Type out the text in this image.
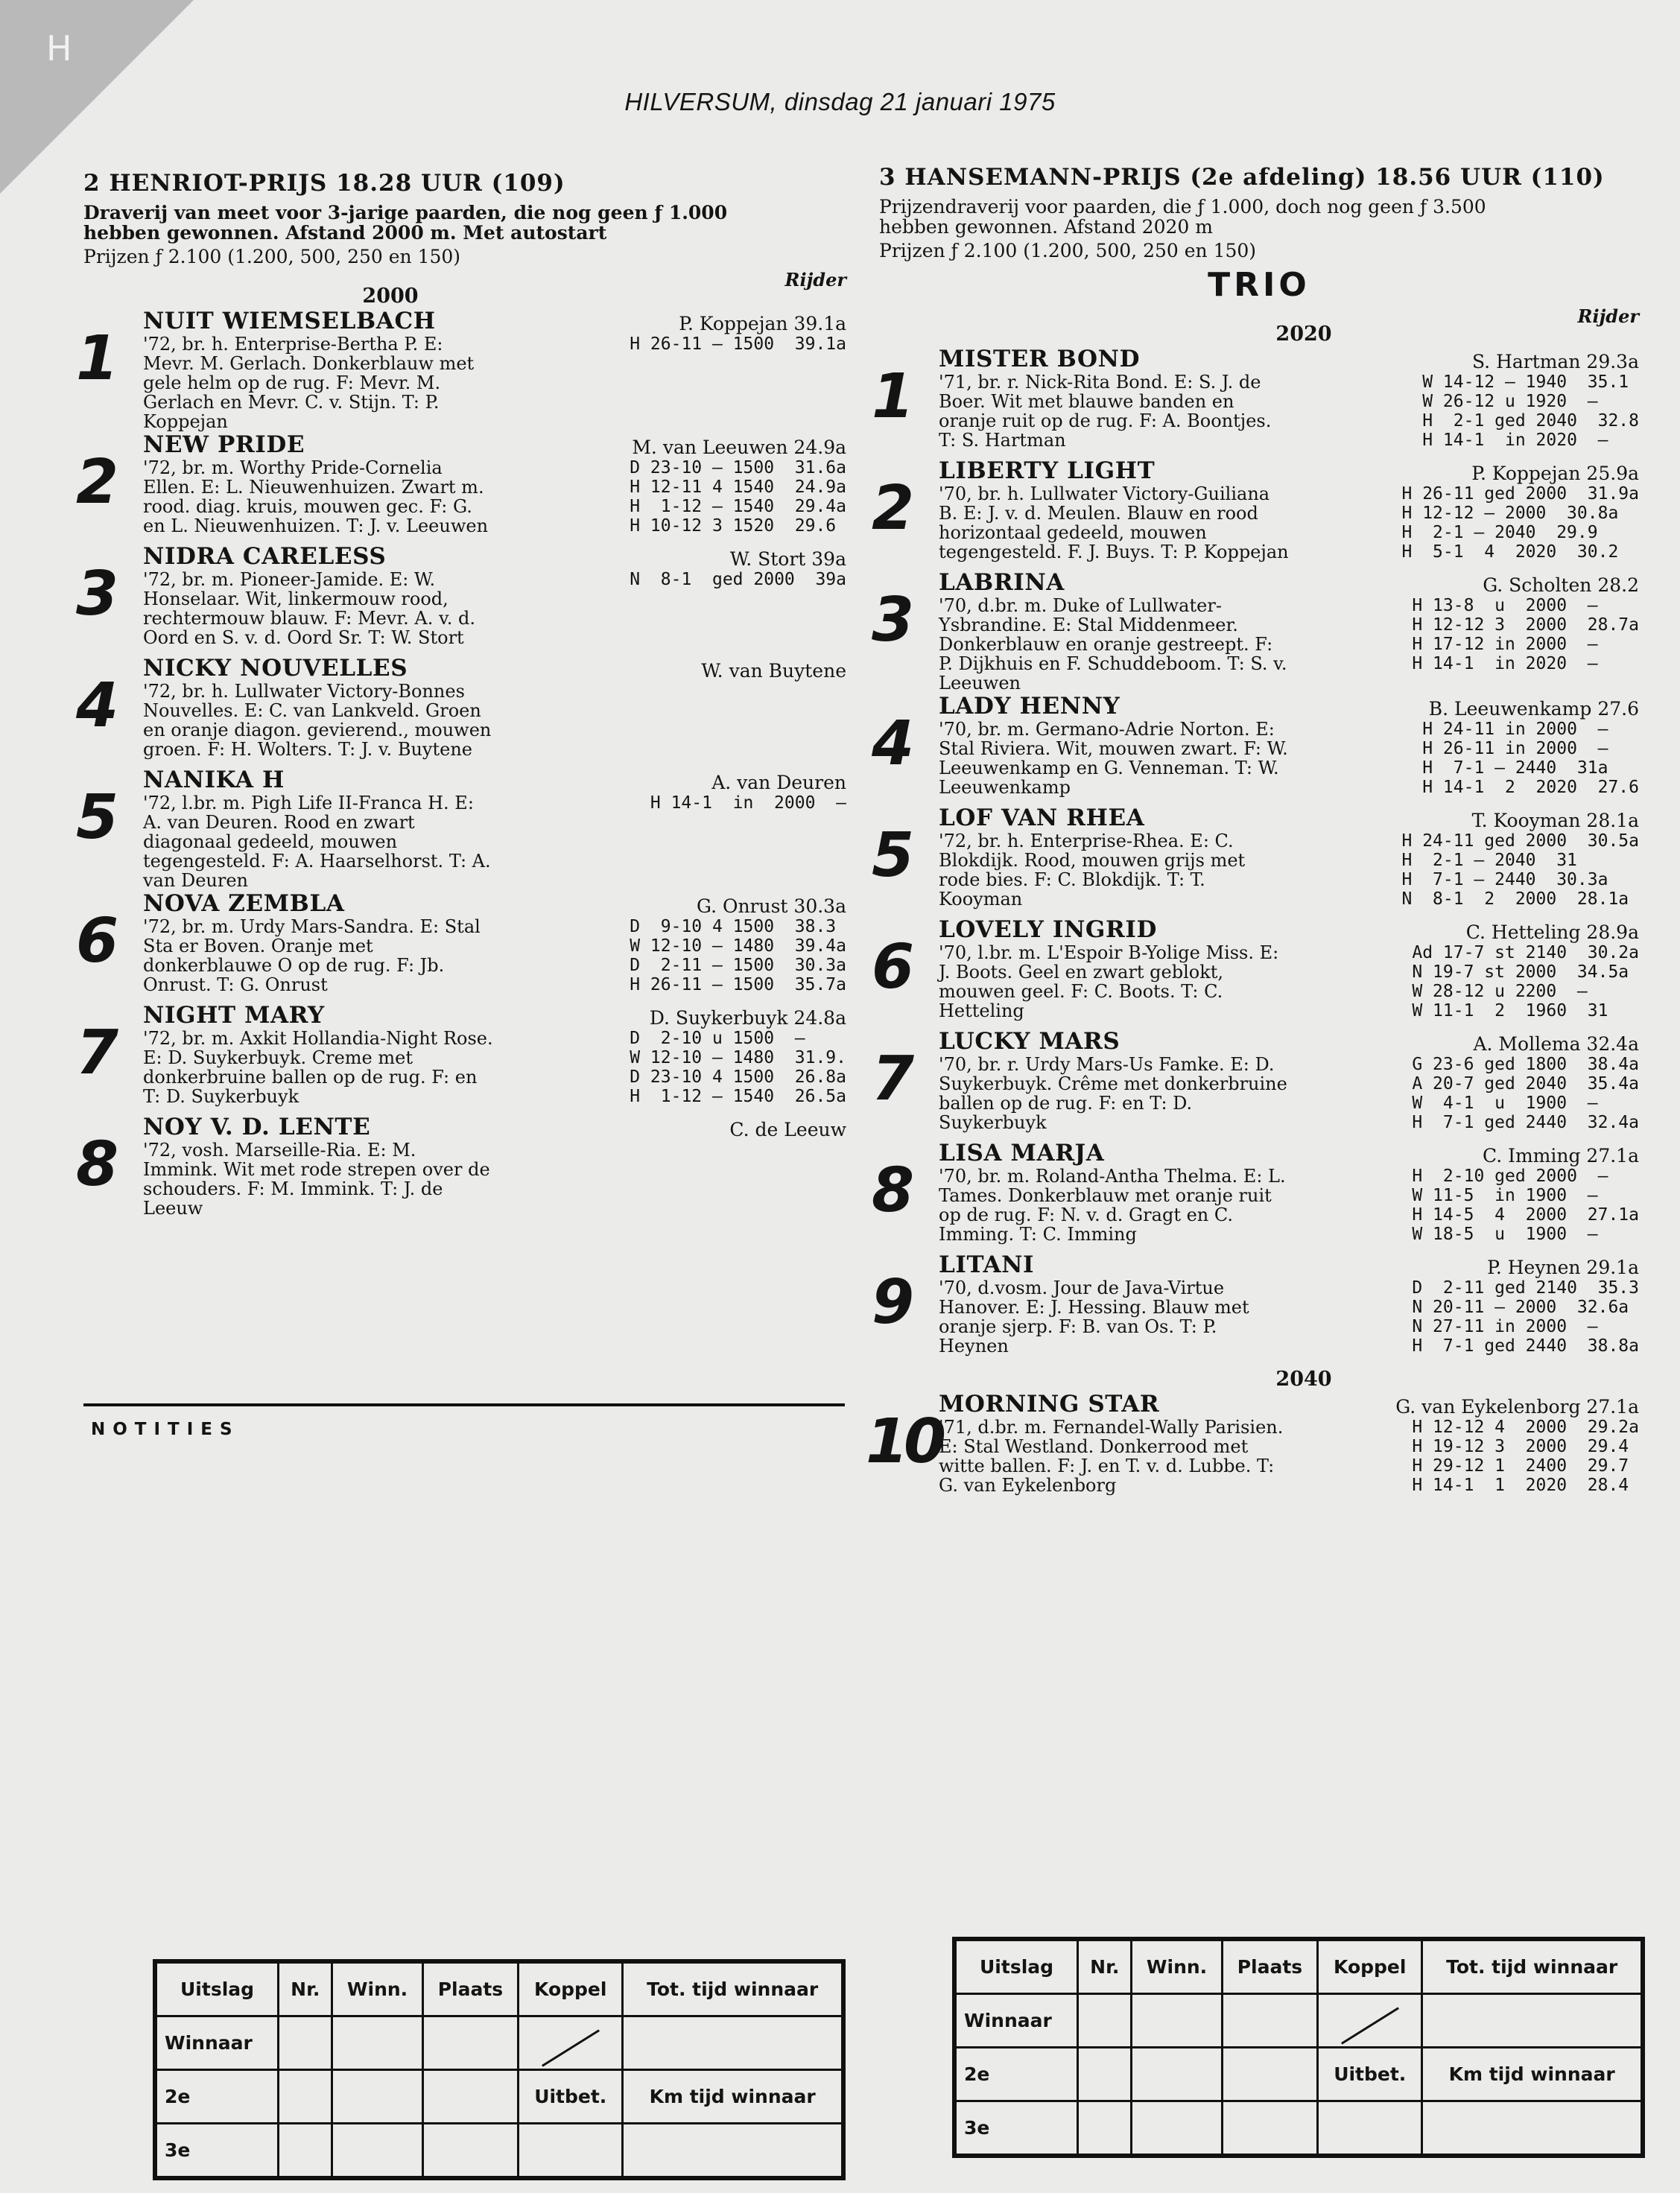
H
HILVERSUM, dinsdag 21 januari 1975
2 HENRIOT-PRIJS 18.28 UUR (109)
Draverij van meet voor 3-jarige paarden, die nog geen ƒ 1.000
hebben gewonnen. Afstand 2000 m. Met autostart
Prijzen ƒ 2.100 (1.200, 500, 250 en 150)
Rijder
2000
1
NUIT WIEMSELBACH	P. Koppejan 39.1a
'72, br. h. Enterprise-Bertha P. E: Mevr. M. Gerlach. Donkerblauw met gele helm op de rug. F: Mevr. M. Gerlach en Mevr. C. v. Stijn. T: P. Koppejan
H 26-11 — 1500  39.1a
2
NEW PRIDE	M. van Leeuwen 24.9a
'72, br. m. Worthy Pride-Cornelia Ellen. E: L. Nieuwenhuizen. Zwart m. rood. diag. kruis, mouwen gec. F: G. en L. Nieuwenhuizen. T: J. v. Leeuwen
D 23-10 — 1500  31.6a
H 12-11 4 1540  24.9a
H  1-12 — 1540  29.4a
H 10-12 3 1520  29.6
3
NIDRA CARELESS	W. Stort 39a
'72, br. m. Pioneer-Jamide. E: W. Honselaar. Wit, linkermouw rood, rechtermouw blauw. F: Mevr. A. v. d. Oord en S. v. d. Oord Sr. T: W. Stort
N  8-1  ged 2000  39a
4
NICKY NOUVELLES	W. van Buytene
'72, br. h. Lullwater Victory-Bonnes Nouvelles. E: C. van Lankveld. Groen en oranje diagon. gevierend., mouwen groen. F: H. Wolters. T: J. v. Buytene
5
NANIKA H	A. van Deuren
'72, l.br. m. Pigh Life II-Franca H. E: A. van Deuren. Rood en zwart diagonaal gedeeld, mouwen tegengesteld. F: A. Haarselhorst. T: A. van Deuren
H 14-1  in  2000  —
6
NOVA ZEMBLA	G. Onrust 30.3a
'72, br. m. Urdy Mars-Sandra. E: Stal Sta er Boven. Oranje met donkerblauwe O op de rug. F: Jb. Onrust. T: G. Onrust
D  9-10 4 1500  38.3
W 12-10 — 1480  39.4a
D  2-11 — 1500  30.3a
H 26-11 — 1500  35.7a
7
NIGHT MARY	D. Suykerbuyk 24.8a
'72, br. m. Axkit Hollandia-Night Rose. E: D. Suykerbuyk. Creme met donkerbruine ballen op de rug. F: en T: D. Suykerbuyk
D  2-10 u 1500  —
W 12-10 — 1480  31.9.
D 23-10 4 1500  26.8a
H  1-12 — 1540  26.5a
8
NOY V. D. LENTE	C. de Leeuw
'72, vosh. Marseille-Ria. E: M. Immink. Wit met rode strepen over de schouders. F: M. Immink. T: J. de Leeuw
NOTITIES
3 HANSEMANN-PRIJS (2e afdeling) 18.56 UUR (110)
Prijzendraverij voor paarden, die ƒ 1.000, doch nog geen ƒ 3.500
hebben gewonnen. Afstand 2020 m
Prijzen ƒ 2.100 (1.200, 500, 250 en 150)
TRIO
Rijder
2020
1
MISTER BOND	S. Hartman 29.3a
'71, br. r. Nick-Rita Bond. E: S. J. de Boer. Wit met blauwe banden en oranje ruit op de rug. F: A. Boontjes. T: S. Hartman
W 14-12 — 1940  35.1
W 26-12 u 1920  —
H  2-1 ged 2040  32.8
H 14-1  in 2020  —
2
LIBERTY LIGHT	P. Koppejan 25.9a
'70, br. h. Lullwater Victory-Guiliana B. E: J. v. d. Meulen. Blauw en rood horizontaal gedeeld, mouwen tegengesteld. F. J. Buys. T: P. Koppejan
H 26-11 ged 2000  31.9a
H 12-12 — 2000  30.8a
H  2-1 — 2040  29.9
H  5-1  4  2020  30.2
3
LABRINA	G. Scholten 28.2
'70, d.br. m. Duke of Lullwater-Ysbrandine. E: Stal Middenmeer. Donkerblauw en oranje gestreept. F: P. Dijkhuis en F. Schuddeboom. T: S. v. Leeuwen
H 13-8  u  2000  —
H 12-12 3  2000  28.7a
H 17-12 in 2000  —
H 14-1  in 2020  —
4
LADY HENNY	B. Leeuwenkamp 27.6
'70, br. m. Germano-Adrie Norton. E: Stal Riviera. Wit, mouwen zwart. F: W. Leeuwenkamp en G. Venneman. T: W. Leeuwenkamp
H 24-11 in 2000  —
H 26-11 in 2000  —
H  7-1 — 2440  31a
H 14-1  2  2020  27.6
5
LOF VAN RHEA	T. Kooyman 28.1a
'72, br. h. Enterprise-Rhea. E: C. Blokdijk. Rood, mouwen grijs met rode bies. F: C. Blokdijk. T: T. Kooyman
H 24-11 ged 2000  30.5a
H  2-1 — 2040  31
H  7-1 — 2440  30.3a
N  8-1  2  2000  28.1a
6
LOVELY INGRID	C. Hetteling 28.9a
'70, l.br. m. L'Espoir B-Yolige Miss. E: J. Boots. Geel en zwart geblokt, mouwen geel. F: C. Boots. T: C. Hetteling
Ad 17-7 st 2140  30.2a
N 19-7 st 2000  34.5a
W 28-12 u 2200  —
W 11-1  2  1960  31
7
LUCKY MARS	A. Mollema 32.4a
'70, br. r. Urdy Mars-Us Famke. E: D. Suykerbuyk. Crême met donkerbruine ballen op de rug. F: en T: D. Suykerbuyk
G 23-6 ged 1800  38.4a
A 20-7 ged 2040  35.4a
W  4-1  u  1900  —
H  7-1 ged 2440  32.4a
8
LISA MARJA	C. Imming 27.1a
'70, br. m. Roland-Antha Thelma. E: L. Tames. Donkerblauw met oranje ruit op de rug. F: N. v. d. Gragt en C. Imming. T: C. Imming
H  2-10 ged 2000  —
W 11-5  in 1900  —
H 14-5  4  2000  27.1a
W 18-5  u  1900  —
9
LITANI	P. Heynen 29.1a
'70, d.vosm. Jour de Java-Virtue Hanover. E: J. Hessing. Blauw met oranje sjerp. F: B. van Os. T: P. Heynen
D  2-11 ged 2140  35.3
N 20-11 — 2000  32.6a
N 27-11 in 2000  —
H  7-1 ged 2440  38.8a
2040
10
MORNING STAR	G. van Eykelenborg 27.1a
'71, d.br. m. Fernandel-Wally Parisien. E: Stal Westland. Donkerrood met witte ballen. F: J. en T. v. d. Lubbe. T: G. van Eykelenborg
H 12-12 4  2000  29.2a
H 19-12 3  2000  29.4
H 29-12 1  2400  29.7
H 14-1  1  2020  28.4
Uitslag	Nr.	Winn.	Plaats	Koppel	Tot. tijd winnaar
Winnaar					
2e				Uitbet.	Km tijd winnaar
3e					
Uitslag	Nr.	Winn.	Plaats	Koppel	Tot. tijd winnaar
Winnaar					
2e				Uitbet.	Km tijd winnaar
3e					
